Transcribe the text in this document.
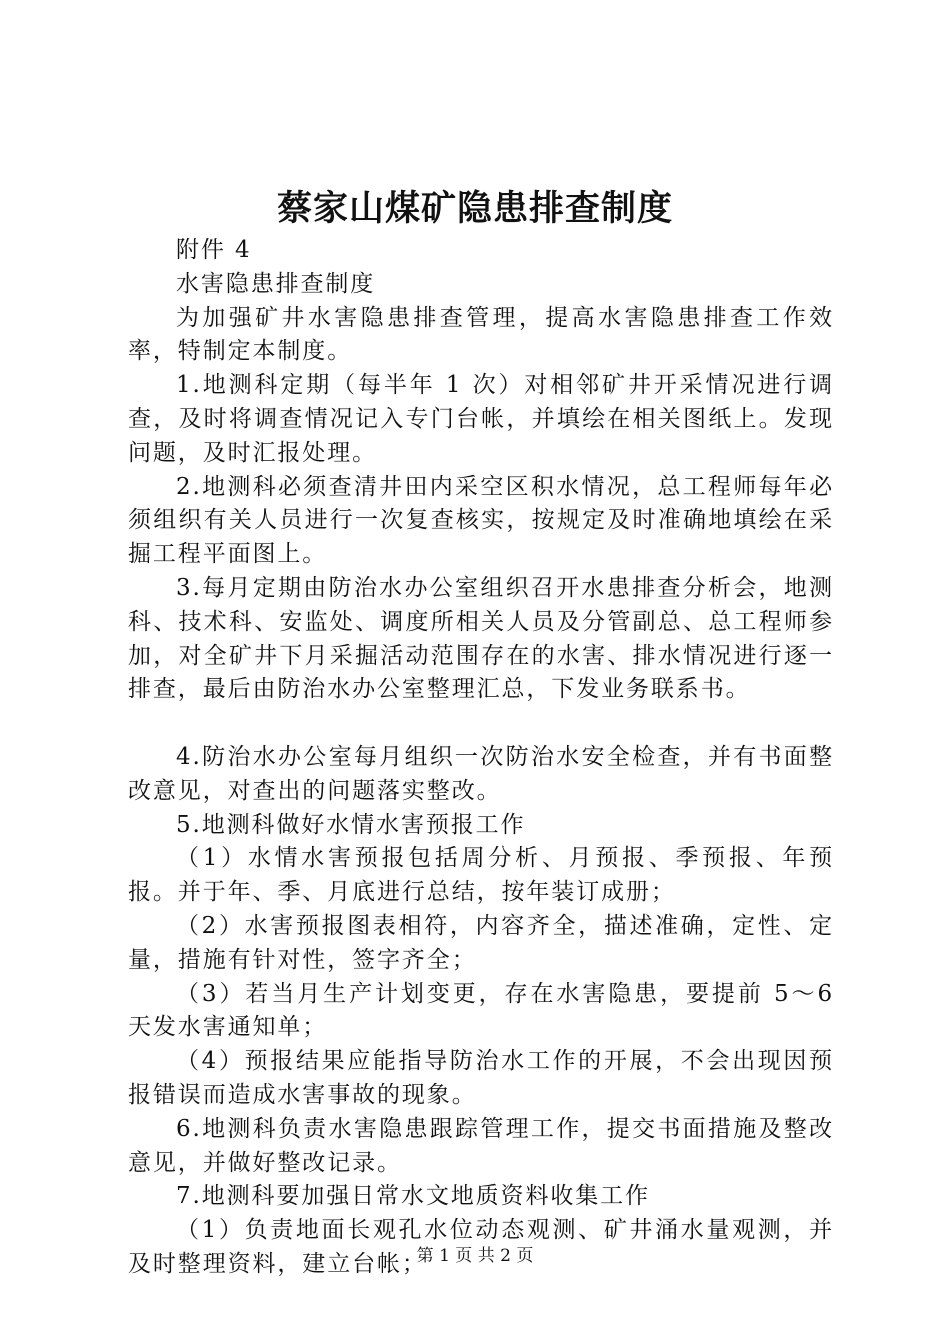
蔡家山煤矿隐患排查制度

附件 4

水害隐患排查制度

为加强矿井水害隐患排查管理，提高水害隐患排查工作效率，特制定本制度。

1.地测科定期（每半年 1 次）对相邻矿井开采情况进行调查，及时将调查情况记入专门台帐，并填绘在相关图纸上。发现问题，及时汇报处理。

2.地测科必须查清井田内采空区积水情况，总工程师每年必须组织有关人员进行一次复查核实，按规定及时准确地填绘在采掘工程平面图上。

3.每月定期由防治水办公室组织召开水患排查分析会，地测科、技术科、安监处、调度所相关人员及分管副总、总工程师参加，对全矿井下月采掘活动范围存在的水害、排水情况进行逐一排查，最后由防治水办公室整理汇总，下发业务联系书。

4.防治水办公室每月组织一次防治水安全检查，并有书面整改意见，对查出的问题落实整改。

5.地测科做好水情水害预报工作

（1）水情水害预报包括周分析、月预报、季预报、年预报。并于年、季、月底进行总结，按年装订成册；

（2）水害预报图表相符，内容齐全，描述准确，定性、定量，措施有针对性，签字齐全；

（3）若当月生产计划变更，存在水害隐患，要提前 5～6 天发水害通知单；

（4）预报结果应能指导防治水工作的开展，不会出现因预报错误而造成水害事故的现象。

6.地测科负责水害隐患跟踪管理工作，提交书面措施及整改意见，并做好整改记录。

7.地测科要加强日常水文地质资料收集工作

（1）负责地面长观孔水位动态观测、矿井涌水量观测，并及时整理资料，建立台帐；

第 1 页 共 2 页
